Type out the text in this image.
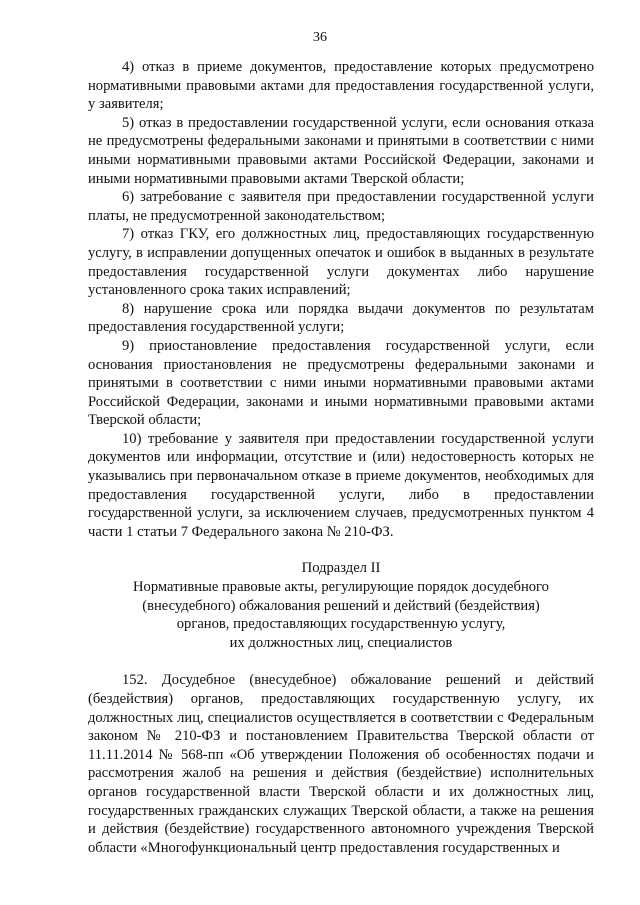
36

4) отказ в приеме документов, предоставление которых предусмотрено нормативными правовыми актами для предоставления государственной услуги, у заявителя;

5) отказ в предоставлении государственной услуги, если основания отказа не предусмотрены федеральными законами и принятыми в соответствии с ними иными нормативными правовыми актами Российской Федерации, законами и иными нормативными правовыми актами Тверской области;

6) затребование с заявителя при предоставлении государственной услуги платы, не предусмотренной законодательством;

7) отказ ГКУ, его должностных лиц, предоставляющих государственную услугу, в исправлении допущенных опечаток и ошибок в выданных в результате предоставления государственной услуги документах либо нарушение установленного срока таких исправлений;

8) нарушение срока или порядка выдачи документов по результатам предоставления государственной услуги;

9) приостановление предоставления государственной услуги, если основания приостановления не предусмотрены федеральными законами и принятыми в соответствии с ними иными нормативными правовыми актами Российской Федерации, законами и иными нормативными правовыми актами Тверской области;

10) требование у заявителя при предоставлении государственной услуги документов или информации, отсутствие и (или) недостоверность которых не указывались при первоначальном отказе в приеме документов, необходимых для предоставления государственной услуги, либо в предоставлении государственной услуги, за исключением случаев, предусмотренных пунктом 4 части 1 статьи 7 Федерального закона № 210-ФЗ.

Подраздел II

Нормативные правовые акты, регулирующие порядок досудебного

(внесудебного) обжалования решений и действий (бездействия)

органов, предоставляющих государственную услугу,

их должностных лиц, специалистов

152. Досудебное (внесудебное) обжалование решений и действий (бездействия) органов, предоставляющих государственную услугу, их должностных лиц, специалистов осуществляется в соответствии с Федеральным законом № 210-ФЗ и постановлением Правительства Тверской области от 11.11.2014 № 568-пп «Об утверждении Положения об особенностях подачи и рассмотрения жалоб на решения и действия (бездействие) исполнительных органов государственной власти Тверской области и их должностных лиц, государственных гражданских служащих Тверской области, а также на решения и действия (бездействие) государственного автономного учреждения Тверской области «Многофункциональный центр предоставления государственных и
